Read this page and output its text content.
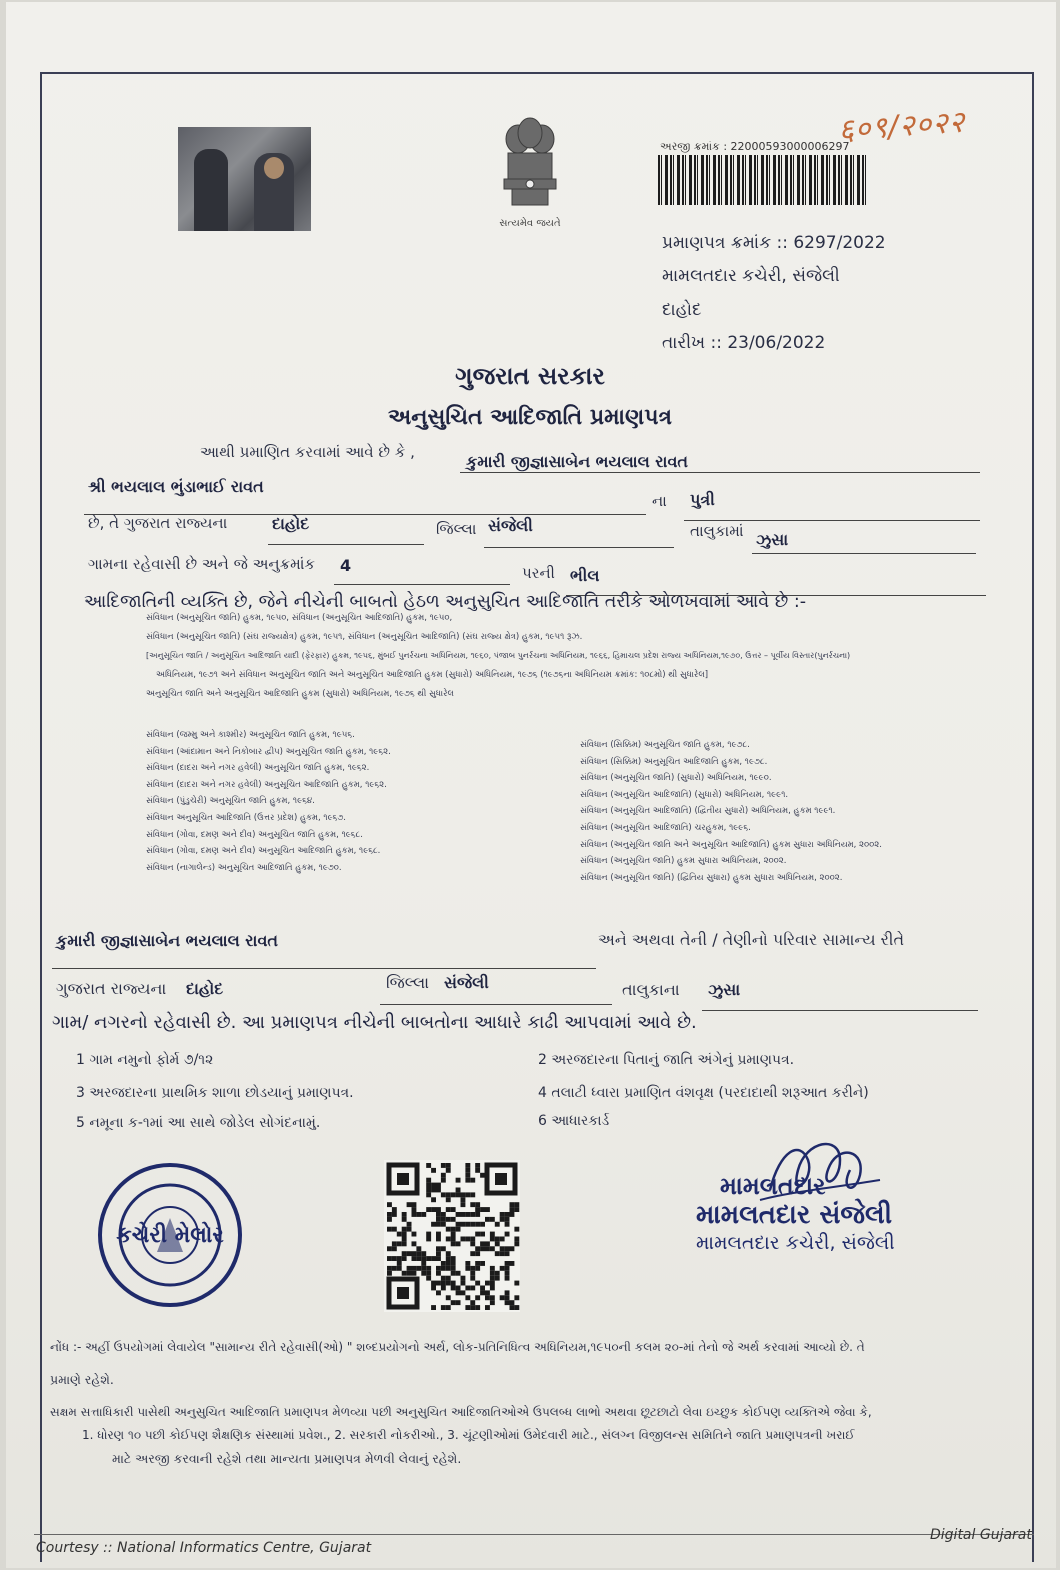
સત્યમેવ જયતે
અરજી ક્રમાંક : 22000593000006297
६०९/२०२२
પ્રમાણપત્ર ક્રમાંક :: 6297/2022
મામલતદાર કચેરી, સંજેલી
દાહોદ
તારીખ :: 23/06/2022
ગુજરાત સરકાર
અનુસુચિત આદિજાતિ પ્રમાણપત્ર
આથી પ્રમાણિત કરવામાં આવે છે કે ,	કુમારી જીજ્ઞાસાબેન ભયલાલ રાવત
શ્રી ભયલાલ ભુંડાભાઈ રાવત
ના પુત્રી
છે, તે ગુજરાત રાજ્યના	દાહોદ	જિલ્લા સંજેલી	તાલુકામાં ઝુસા
ગામના રહેવાસી છે અને જે અનુક્રમાંક 4	પરની ભીલ
આદિજાતિની વ્યક્તિ છે, જેને નીચેની બાબતો હેઠળ અનુસુચિત આદિજાતિ તરીકે ઓળખવામાં આવે છે :-
સંવિધાન (અનુસૂચિત જાતિ) હુકમ, ૧૯૫૦, સંવિધાન (અનુસૂચિત આદિજાતિ) હુકમ, ૧૯૫૦,
સંવિધાન (અનુસૂચિત જાતિ) (સંઘ રાજ્યક્ષેત્ર) હુકમ, ૧૯૫૧, સંવિધાન (અનુસૂચિત આદિજાતિ) (સંઘ રાજ્ય ક્ષેત્ર) હુકમ, ૧૯૫૧ રૂઝ.
[અનુસૂચિત જાતિ / અનુસૂચિત આદિજાતિ યાદી (ફેરફાર) હુકમ, ૧૯૫૬, મુંબઈ પુનર્રચના અધિનિયમ, ૧૯૬૦, પંજાબ પુનર્રચના અધિનિયમ, ૧૯૬૬, હિમાચલ પ્રદેશ રાજ્ય અધિનિયમ,૧૯૭૦, ઉત્તર – પૂર્વીય વિસ્તાર(પુનર્રચના)
અધિનિયમ, ૧૯૭૧ અને સંવિધાન અનુસૂચિત જાતિ અને અનુસૂચિત આદિજાતિ હુકમ (સુધારો) અધિનિયમ, ૧૯૭૬ (૧૯૭૬ના અધિનિયમ ક્રમાંક: ૧૦૮મો) થી સુધારેલ]
અનુસૂચિત જાતિ અને અનુસૂચિત આદિજાતિ હુકમ (સુધારો) અધિનિયમ, ૧૯૭૬ થી સુધારેલ
સંવિધાન (જમ્મુ અને કાશ્મીર) અનુસૂચિત જાતિ હુકમ, ૧૯૫૬.
સંવિધાન (આંદામાન અને નિકોબાર દ્વીપ) અનુસૂચિત જાતિ હુકમ, ૧૯૬૨.
સંવિધાન (દાદરા અને નગર હવેલી) અનુસૂચિત જાતિ હુકમ, ૧૯૬૨.
સંવિધાન (દાદરા અને નગર હવેલી) અનુસૂચિત આદિજાતિ હુકમ, ૧૯૬૨.
સંવિધાન (પુંડુચેરી) અનુસૂચિત જાતિ હુકમ, ૧૯૬૪.
સંવિધાન અનુસૂચિત આદિજાતિ (ઉત્તર પ્રદેશ) હુકમ, ૧૯૬૭.
સંવિધાન (ગોવા, દમણ અને દીવ) અનુસૂચિત જાતિ હુકમ, ૧૯૬૮.
સંવિધાન (ગોવા, દમણ અને દીવ) અનુસૂચિત આદિજાતિ હુકમ, ૧૯૬૮.
સંવિધાન (નાગાલેન્ડ) અનુસૂચિત આદિજાતિ હુકમ, ૧૯૭૦.
સંવિધાન (સિક્કિમ) અનુસૂચિત જાતિ હુકમ, ૧૯૭૮.
સંવિધાન (સિક્કિમ) અનુસૂચિત આદિજાતિ હુકમ, ૧૯૭૮.
સંવિધાન (અનુસૂચિત જાતિ) (સુધારો) અધિનિયમ, ૧૯૯૦.
સંવિધાન (અનુસૂચિત આદિજાતિ) (સુધારો) અધિનિયમ, ૧૯૯૧.
સંવિધાન (અનુસૂચિત આદિજાતિ) (દ્વિતીય સુધારો) અધિનિયમ, હુકમ ૧૯૯૧.
સંવિધાન (અનુસૂચિત આદિજાતિ) ચરહુકમ, ૧૯૯૬.
સંવિધાન (અનુસૂચિત જાતિ અને અનુસૂચિત આદિજાતિ) હુકમ સુધારા અધિનિયમ, ૨૦૦૨.
સંવિધાન (અનુસૂચિત જાતિ) હુકમ સુધારા અધિનિયમ, ૨૦૦૨.
સંવિધાન (અનુસૂચિત જાતિ) (દ્વિતિય સુધારા) હુકમ સુધારા અધિનિયમ, ૨૦૦૨.
કુમારી જીજ્ઞાસાબેન ભયલાલ રાવત	અને અથવા તેની / તેણીનો પરિવાર સામાન્ય રીતે
ગુજરાત રાજ્યના દાહોદ	જિલ્લા સંજેલી	તાલુકાના ઝુસા
ગામ/ નગરનો રહેવાસી છે. આ પ્રમાણપત્ર નીચેની બાબતોના આધારે કાઢી આપવામાં આવે છે.
1 ગામ નમુનો ફોર્મ ૭/૧૨	2 અરજદારના પિતાનું જાતિ અંગેનું પ્રમાણપત્ર.
3 અરજદારના પ્રાથમિક શાળા છોડયાનું પ્રમાણપત્ર.	4 તલાટી ધ્વારા પ્રમાણિત વંશવૃક્ષ (પરદાદાથી શરૂઆત કરીને)
5 નમૂના ક-૧માં આ સાથે જોડેલ સોગંદનામું.	6 આધારકાર્ડ
કચેરી મેલોર
મામલતદાર
મામલતદાર સંજેલી
મામલતદાર કચેરી, સંજેલી
નોંધ :- અહીં ઉપયોગમાં લેવાયેલ "સામાન્ય રીતે રહેવાસી(ઓ) " શબ્દપ્રયોગનો અર્થ, લોક-પ્રતિનિધિત્વ અધિનિયમ,૧૯૫૦ની કલમ ૨૦-માં તેનો જે અર્થ કરવામાં આવ્યો છે. તે
પ્રમાણે રહેશે.
સક્ષમ સત્તાધિકારી પાસેથી અનુસુચિત આદિજાતિ પ્રમાણપત્ર મેળવ્યા પછી અનુસુચિત આદિજાતિઓએ ઉપલબ્ધ લાભો અથવા છૂટછાટો લેવા ઇચ્છુક કોઈપણ વ્યક્તિએ જેવા કે,
1. ધોરણ ૧૦ પછી કોઈપણ શૈક્ષણિક સંસ્થામાં પ્રવેશ., 2. સરકારી નોકરીઓ., 3. ચૂંટણીઓમાં ઉમેદવારી માટે., સંલગ્ન વિજીલન્સ સમિતિને જાતિ પ્રમાણપત્રની ખરાઈ
માટે અરજી કરવાની રહેશે તથા માન્યતા પ્રમાણપત્ર મેળવી લેવાનું રહેશે.
Courtesy :: National Informatics Centre, Gujarat
Digital Gujarat
